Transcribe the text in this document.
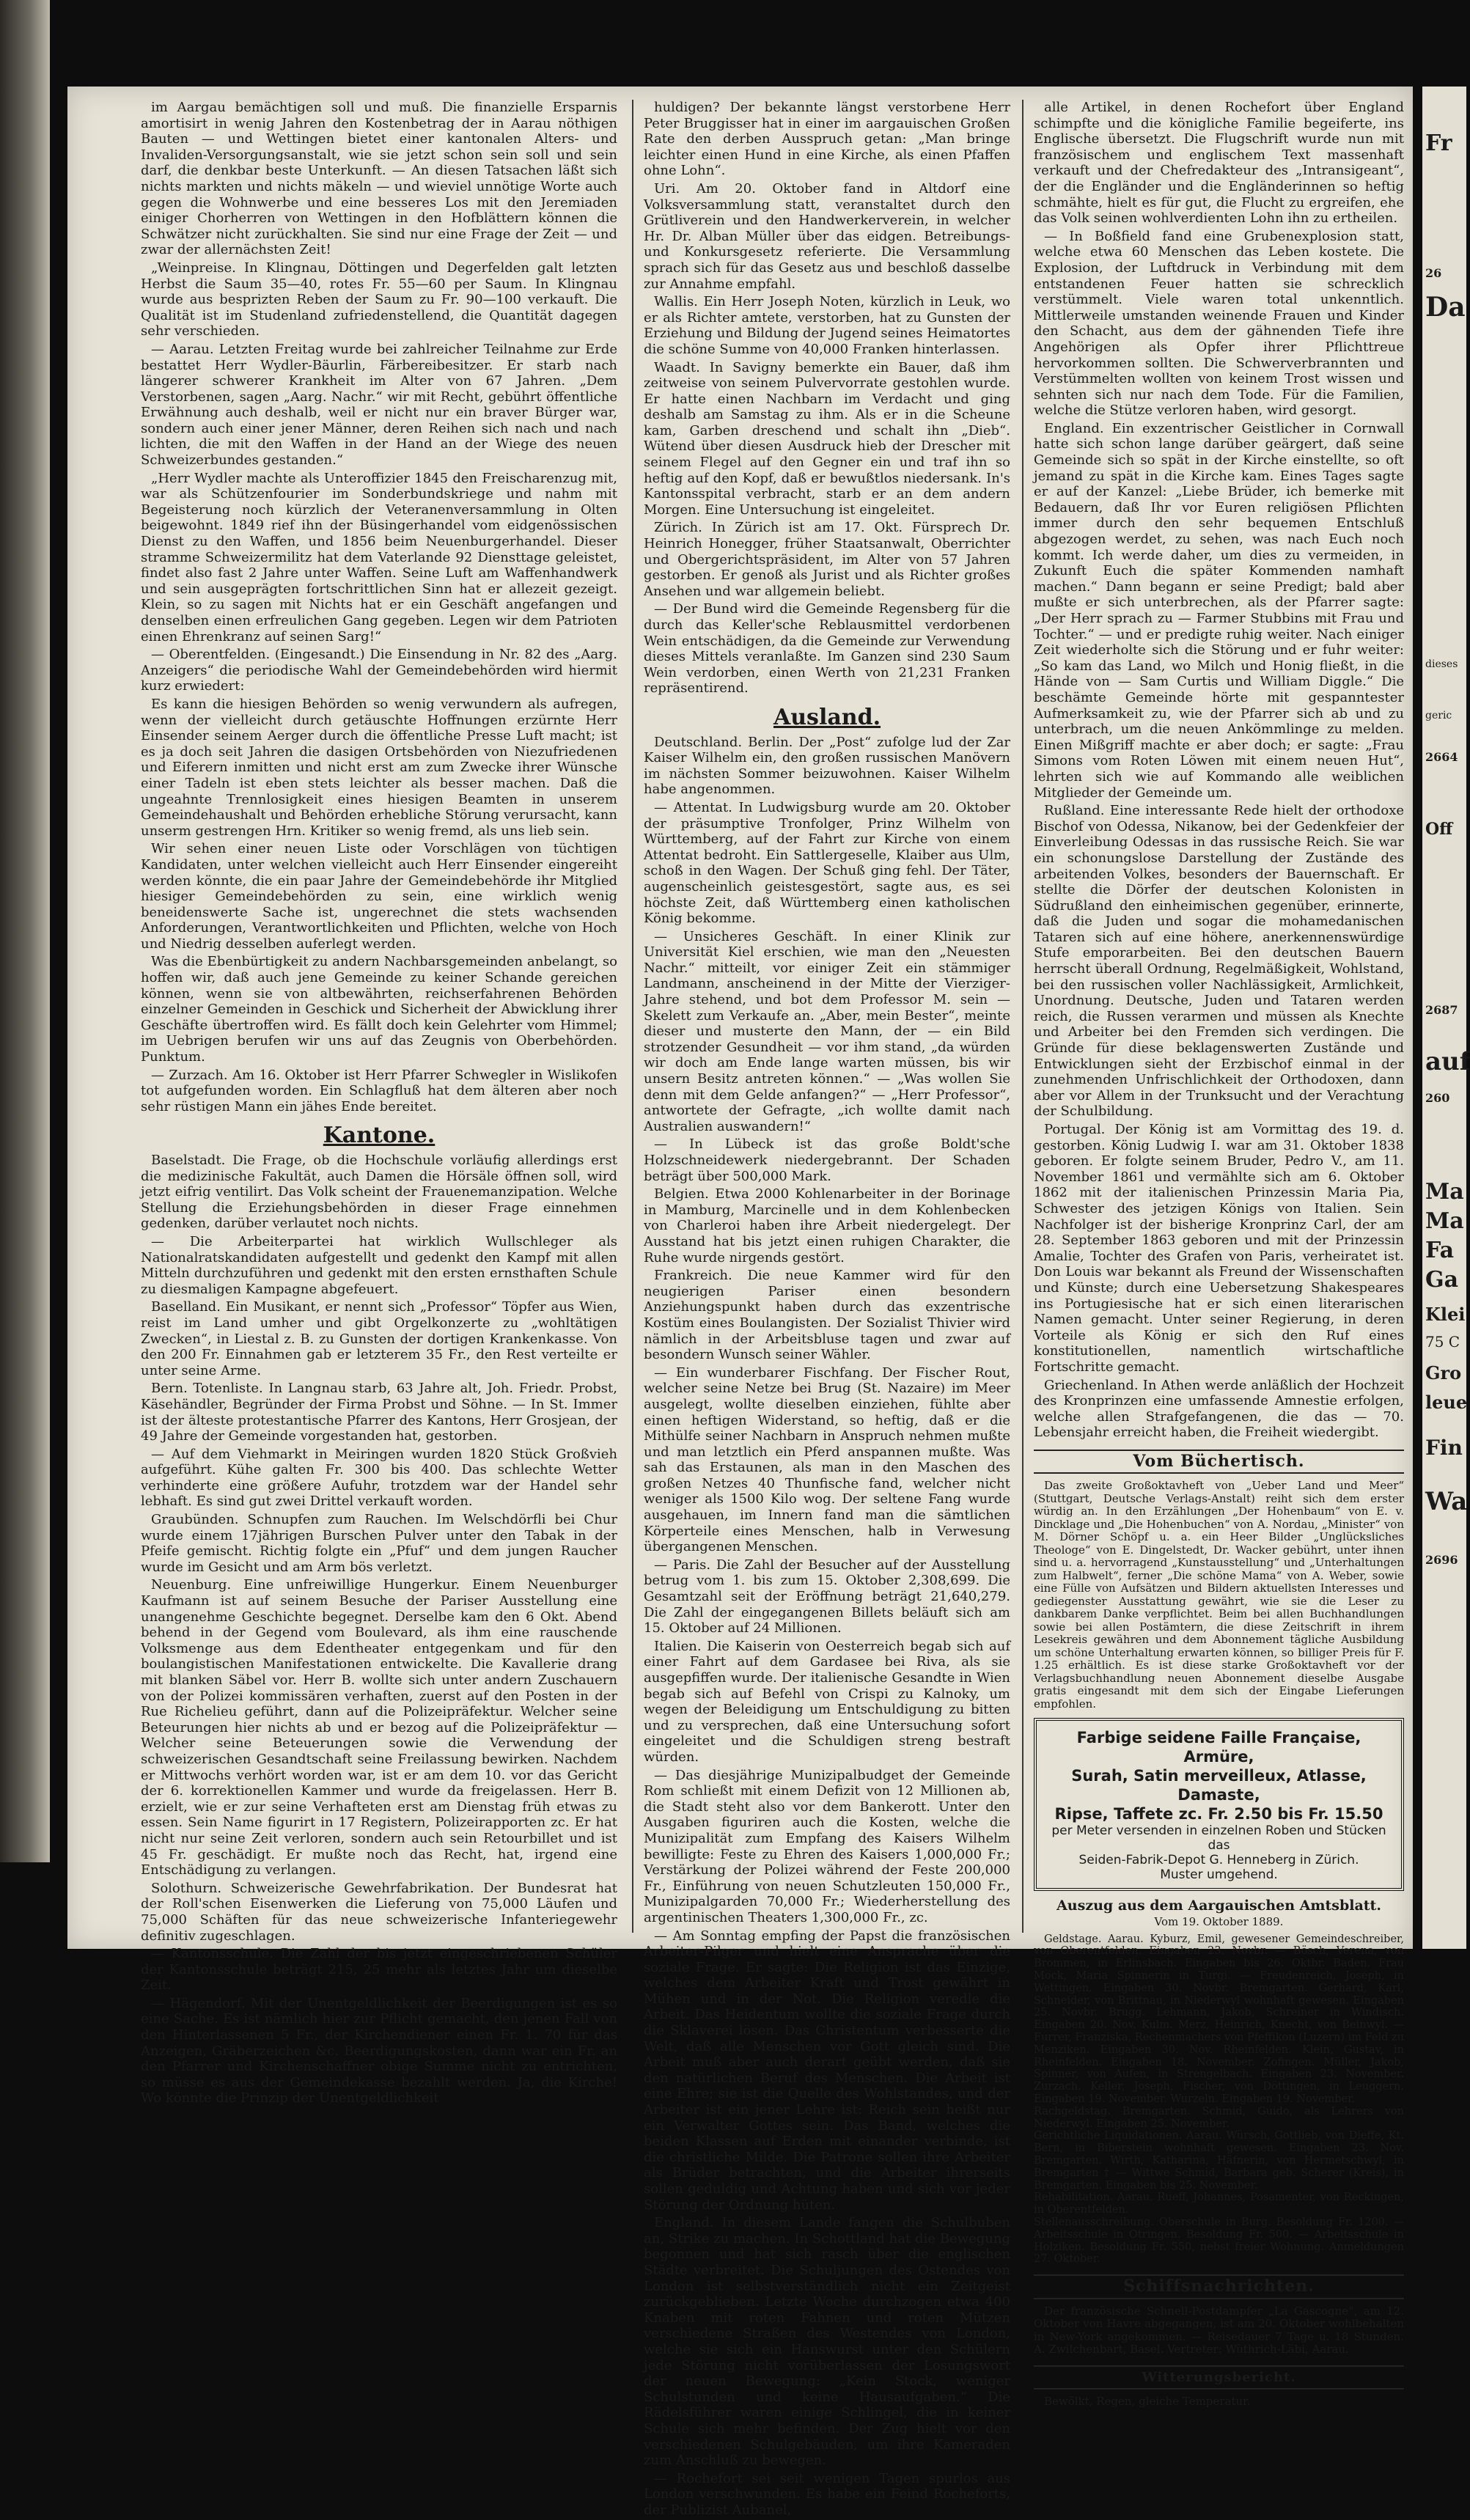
im Aargau bemächtigen soll und muß. Die finanzielle Ersparnis amortisirt in wenig Jahren den Kostenbetrag der in Aarau nöthigen Bauten — und Wettingen bietet einer kantonalen Alters- und Invaliden-Versorgungsanstalt, wie sie jetzt schon sein soll und sein darf, die denkbar beste Unterkunft. — An diesen Tatsachen läßt sich nichts markten und nichts mäkeln — und wieviel unnötige Worte auch gegen die Wohnwerbe und eine besseres Los mit den Jeremiaden einiger Chorherren von Wettingen in den Hofblättern können die Schwätzer nicht zurückhalten. Sie sind nur eine Frage der Zeit — und zwar der allernächsten Zeit!

„Weinpreise. In Klingnau, Döttingen und Degerfelden galt letzten Herbst die Saum 35—40, rotes Fr. 55—60 per Saum. In Klingnau wurde aus besprizten Reben der Saum zu Fr. 90—100 verkauft. Die Qualität ist im Studenland zufriedenstellend, die Quantität dagegen sehr verschieden.

— Aarau. Letzten Freitag wurde bei zahlreicher Teilnahme zur Erde bestattet Herr Wydler-Bäurlin, Färbereibesitzer. Er starb nach längerer schwerer Krankheit im Alter von 67 Jahren. „Dem Verstorbenen, sagen „Aarg. Nachr.“ wir mit Recht, gebührt öffentliche Erwähnung auch deshalb, weil er nicht nur ein braver Bürger war, sondern auch einer jener Männer, deren Reihen sich nach und nach lichten, die mit den Waffen in der Hand an der Wiege des neuen Schweizerbundes gestanden.“

„Herr Wydler machte als Unteroffizier 1845 den Freischarenzug mit, war als Schützenfourier im Sonderbundskriege und nahm mit Begeisterung noch kürzlich der Veteranenversammlung in Olten beigewohnt. 1849 rief ihn der Büsingerhandel vom eidgenössischen Dienst zu den Waffen, und 1856 beim Neuenburgerhandel. Dieser stramme Schweizermilitz hat dem Vaterlande 92 Diensttage geleistet, findet also fast 2 Jahre unter Waffen. Seine Luft am Waffenhandwerk und sein ausgeprägten fortschrittlichen Sinn hat er allezeit gezeigt. Klein, so zu sagen mit Nichts hat er ein Geschäft angefangen und denselben einen erfreulichen Gang gegeben. Legen wir dem Patrioten einen Ehrenkranz auf seinen Sarg!“

— Oberentfelden. (Eingesandt.) Die Einsendung in Nr. 82 des „Aarg. Anzeigers“ die periodische Wahl der Gemeindebehörden wird hiermit kurz erwiedert:

Es kann die hiesigen Behörden so wenig verwundern als aufregen, wenn der vielleicht durch getäuschte Hoffnungen erzürnte Herr Einsender seinem Aerger durch die öffentliche Presse Luft macht; ist es ja doch seit Jahren die dasigen Ortsbehörden von Niezufriedenen und Eiferern inmitten und nicht erst am zum Zwecke ihrer Wünsche einer Tadeln ist eben stets leichter als besser machen. Daß die ungeahnte Trennlosigkeit eines hiesigen Beamten in unserem Gemeindehaushalt und Behörden erhebliche Störung verursacht, kann unserm gestrengen Hrn. Kritiker so wenig fremd, als uns lieb sein.

Wir sehen einer neuen Liste oder Vorschlägen von tüchtigen Kandidaten, unter welchen vielleicht auch Herr Einsender eingereiht werden könnte, die ein paar Jahre der Gemeindebehörde ihr Mitglied hiesiger Gemeindebehörden zu sein, eine wirklich wenig beneidenswerte Sache ist, ungerechnet die stets wachsenden Anforderungen, Verantwortlichkeiten und Pflichten, welche von Hoch und Niedrig desselben auferlegt werden.

Was die Ebenbürtigkeit zu andern Nachbarsgemeinden anbelangt, so hoffen wir, daß auch jene Gemeinde zu keiner Schande gereichen können, wenn sie von altbewährten, reichserfahrenen Behörden einzelner Gemeinden in Geschick und Sicherheit der Abwicklung ihrer Geschäfte übertroffen wird. Es fällt doch kein Gelehrter vom Himmel; im Uebrigen berufen wir uns auf das Zeugnis von Oberbehörden. Punktum.

— Zurzach. Am 16. Oktober ist Herr Pfarrer Schwegler in Wislikofen tot aufgefunden worden. Ein Schlagfluß hat dem älteren aber noch sehr rüstigen Mann ein jähes Ende bereitet.

Kantone.

Baselstadt. Die Frage, ob die Hochschule vorläufig allerdings erst die medizinische Fakultät, auch Damen die Hörsäle öffnen soll, wird jetzt eifrig ventilirt. Das Volk scheint der Frauenemanzipation. Welche Stellung die Erziehungsbehörden in dieser Frage einnehmen gedenken, darüber verlautet noch nichts.

— Die Arbeiterpartei hat wirklich Wullschleger als Nationalratskandidaten aufgestellt und gedenkt den Kampf mit allen Mitteln durchzuführen und gedenkt mit den ersten ernsthaften Schule zu diesmaligen Kampagne abgefeuert.

Baselland. Ein Musikant, er nennt sich „Professor“ Töpfer aus Wien, reist im Land umher und gibt Orgelkonzerte zu „wohltätigen Zwecken“, in Liestal z. B. zu Gunsten der dortigen Krankenkasse. Von den 200 Fr. Einnahmen gab er letzterem 35 Fr., den Rest verteilte er unter seine Arme.

Bern. Totenliste. In Langnau starb, 63 Jahre alt, Joh. Friedr. Probst, Käsehändler, Begründer der Firma Probst und Söhne. — In St. Immer ist der älteste protestantische Pfarrer des Kantons, Herr Grosjean, der 49 Jahre der Gemeinde vorgestanden hat, gestorben.

— Auf dem Viehmarkt in Meiringen wurden 1820 Stück Großvieh aufgeführt. Kühe galten Fr. 300 bis 400. Das schlechte Wetter verhinderte eine größere Aufuhr, trotzdem war der Handel sehr lebhaft. Es sind gut zwei Drittel verkauft worden.

Graubünden. Schnupfen zum Rauchen. Im Welschdörfli bei Chur wurde einem 17jährigen Burschen Pulver unter den Tabak in der Pfeife gemischt. Richtig folgte ein „Pfuf“ und dem jungen Raucher wurde im Gesicht und am Arm bös verletzt.

Neuenburg. Eine unfreiwillige Hungerkur. Einem Neuenburger Kaufmann ist auf seinem Besuche der Pariser Ausstellung eine unangenehme Geschichte begegnet. Derselbe kam den 6 Okt. Abend behend in der Gegend vom Boulevard, als ihm eine rauschende Volksmenge aus dem Edentheater entgegenkam und für den boulangistischen Manifestationen entwickelte. Die Kavallerie drang mit blanken Säbel vor. Herr B. wollte sich unter andern Zuschauern von der Polizei kommissären verhaften, zuerst auf den Posten in der Rue Richelieu geführt, dann auf die Polizeipräfektur. Welcher seine Beteurungen hier nichts ab und er bezog auf die Polizeipräfektur — Welcher seine Beteuerungen sowie die Verwendung der schweizerischen Gesandtschaft seine Freilassung bewirken. Nachdem er Mittwochs verhört worden war, ist er am dem 10. vor das Gericht der 6. korrektionellen Kammer und wurde da freigelassen. Herr B. erzielt, wie er zur seine Verhafteten erst am Dienstag früh etwas zu essen. Sein Name figurirt in 17 Registern, Polizeirapporten zc. Er hat nicht nur seine Zeit verloren, sondern auch sein Retourbillet und ist 45 Fr. geschädigt. Er mußte noch das Recht, hat, irgend eine Entschädigung zu verlangen.

Solothurn. Schweizerische Gewehrfabrikation. Der Bundesrat hat der Roll'schen Eisenwerken die Lieferung von 75,000 Läufen und 75,000 Schäften für das neue schweizerische Infanteriegewehr definitiv zugeschlagen.

— Kantonsschule. Die Zahl der bis jetzt eingeschriebenen Schüler der Kantonsschule beträgt 215, 25 mehr als letztes Jahr um dieselbe Zeit.

— Hägendorf. Mit der Unentgeldlichkeit der Beerdigungen ist es so eine Sache. Es ist nämlich hier zur Pflicht gemacht, den jenen Fall von den Hinterlassenen 5 Fr., der Kirchendiener einen Fr. 1. 70 für das Anzeigen, Gräberzeichen &c. Beerdigungskosten, dann war ein Fr. an den Pfarrer und Kirchenschaffner obige Summe nicht zu entrichten, so müsse es aus der Gemeindekasse bezahlt werden. Ja, die Kirche! Wo könnte die Prinzip der Unentgeldlichkeit

huldigen? Der bekannte längst verstorbene Herr Peter Bruggisser hat in einer im aargauischen Großen Rate den derben Ausspruch getan: „Man bringe leichter einen Hund in eine Kirche, als einen Pfaffen ohne Lohn“.

Uri. Am 20. Oktober fand in Altdorf eine Volksversammlung statt, veranstaltet durch den Grütliverein und den Handwerkerverein, in welcher Hr. Dr. Alban Müller über das eidgen. Betreibungs- und Konkursgesetz referierte. Die Versammlung sprach sich für das Gesetz aus und beschloß dasselbe zur Annahme empfahl.

Wallis. Ein Herr Joseph Noten, kürzlich in Leuk, wo er als Richter amtete, verstorben, hat zu Gunsten der Erziehung und Bildung der Jugend seines Heimatortes die schöne Summe von 40,000 Franken hinterlassen.

Waadt. In Savigny bemerkte ein Bauer, daß ihm zeitweise von seinem Pulvervorrate gestohlen wurde. Er hatte einen Nachbarn im Verdacht und ging deshalb am Samstag zu ihm. Als er in die Scheune kam, Garben dreschend und schalt ihn „Dieb“. Wütend über diesen Ausdruck hieb der Drescher mit seinem Flegel auf den Gegner ein und traf ihn so heftig auf den Kopf, daß er bewußtlos niedersank. In's Kantonsspital verbracht, starb er an dem andern Morgen. Eine Untersuchung ist eingeleitet.

Zürich. In Zürich ist am 17. Okt. Fürsprech Dr. Heinrich Honegger, früher Staatsanwalt, Oberrichter und Obergerichtspräsident, im Alter von 57 Jahren gestorben. Er genoß als Jurist und als Richter großes Ansehen und war allgemein beliebt.

— Der Bund wird die Gemeinde Regensberg für die durch das Keller'sche Reblausmittel verdorbenen Wein entschädigen, da die Gemeinde zur Verwendung dieses Mittels veranlaßte. Im Ganzen sind 230 Saum Wein verdorben, einen Werth von 21,231 Franken repräsentirend.

Ausland.

Deutschland. Berlin. Der „Post“ zufolge lud der Zar Kaiser Wilhelm ein, den großen russischen Manövern im nächsten Sommer beizuwohnen. Kaiser Wilhelm habe angenommen.

— Attentat. In Ludwigsburg wurde am 20. Oktober der präsumptive Tronfolger, Prinz Wilhelm von Württemberg, auf der Fahrt zur Kirche von einem Attentat bedroht. Ein Sattlergeselle, Klaiber aus Ulm, schoß in den Wagen. Der Schuß ging fehl. Der Täter, augenscheinlich geistesgestört, sagte aus, es sei höchste Zeit, daß Württemberg einen katholischen König bekomme.

— Unsicheres Geschäft. In einer Klinik zur Universität Kiel erschien, wie man den „Neuesten Nachr.“ mitteilt, vor einiger Zeit ein stämmiger Landmann, anscheinend in der Mitte der Vierziger-Jahre stehend, und bot dem Professor M. sein — Skelett zum Verkaufe an. „Aber, mein Bester“, meinte dieser und musterte den Mann, der — ein Bild strotzender Gesundheit — vor ihm stand, „da würden wir doch am Ende lange warten müssen, bis wir unsern Besitz antreten können.“ — „Was wollen Sie denn mit dem Gelde anfangen?“ — „Herr Professor“, antwortete der Gefragte, „ich wollte damit nach Australien auswandern!“

— In Lübeck ist das große Boldt'sche Holzschneidewerk niedergebrannt. Der Schaden beträgt über 500,000 Mark.

Belgien. Etwa 2000 Kohlenarbeiter in der Borinage in Mamburg, Marcinelle und in dem Kohlenbecken von Charleroi haben ihre Arbeit niedergelegt. Der Ausstand hat bis jetzt einen ruhigen Charakter, die Ruhe wurde nirgends gestört.

Frankreich. Die neue Kammer wird für den neugierigen Pariser einen besondern Anziehungspunkt haben durch das exzentrische Kostüm eines Boulangisten. Der Sozialist Thivier wird nämlich in der Arbeitsbluse tagen und zwar auf besondern Wunsch seiner Wähler.

— Ein wunderbarer Fischfang. Der Fischer Rout, welcher seine Netze bei Brug (St. Nazaire) im Meer ausgelegt, wollte dieselben einziehen, fühlte aber einen heftigen Widerstand, so heftig, daß er die Mithülfe seiner Nachbarn in Anspruch nehmen mußte und man letztlich ein Pferd anspannen mußte. Was sah das Erstaunen, als man in den Maschen des großen Netzes 40 Thunfische fand, welcher nicht weniger als 1500 Kilo wog. Der seltene Fang wurde ausgehauen, im Innern fand man die sämtlichen Körperteile eines Menschen, halb in Verwesung übergangenen Menschen.

— Paris. Die Zahl der Besucher auf der Ausstellung betrug vom 1. bis zum 15. Oktober 2,308,699. Die Gesamtzahl seit der Eröffnung beträgt 21,640,279. Die Zahl der eingegangenen Billets beläuft sich am 15. Oktober auf 24 Millionen.

Italien. Die Kaiserin von Oesterreich begab sich auf einer Fahrt auf dem Gardasee bei Riva, als sie ausgepfiffen wurde. Der italienische Gesandte in Wien begab sich auf Befehl von Crispi zu Kalnoky, um wegen der Beleidigung um Entschuldigung zu bitten und zu versprechen, daß eine Untersuchung sofort eingeleitet und die Schuldigen streng bestraft würden.

— Das diesjährige Munizipalbudget der Gemeinde Rom schließt mit einem Defizit von 12 Millionen ab, die Stadt steht also vor dem Bankerott. Unter den Ausgaben figuriren auch die Kosten, welche die Munizipalität zum Empfang des Kaisers Wilhelm bewilligte: Feste zu Ehren des Kaisers 1,000,000 Fr.; Verstärkung der Polizei während der Feste 200,000 Fr., Einführung von neuen Schutzleuten 150,000 Fr., Munizipalgarden 70,000 Fr.; Wiederherstellung des argentinischen Theaters 1,300,000 Fr., zc.

— Am Sonntag empfing der Papst die französischen Arbeiter-Pilger und hielt eine Ansprache über die soziale Frage. Er sagte: Die Religion ist das Einzige, welches dem Arbeiter Kraft und Trost gewährt in Mühen und in der Not. Die Religion veredle die Arbeit. Das Heidentum wollte die soziale Frage durch die Sklaverei lösen. Das Christentum verbesserte die Welt, daß alle Menschen vor Gott gleich sind. Die Arbeit muß aber auch derart geübt werden, daß sie den natürlichen Beruf des Menschen. Die Arbeit ist eine Ehre; sie ist die Quelle des Wohlstandes, und der Arbeiter ist ein jener Lehre ist: Reich sein heißt nur ein Verwalter Gottes sein. Das Band, welches die beiden Klassen auf Erden mit einander verbinde, ist die christliche Milde. Die Patrone sollen ihre Arbeiter als Brüder betrachten, und die Arbeiter ihrerseits sollen geduldig und Achtung haben und sich vor jeder Störung der Ordnung hüten.

England. In diesem Lande fangen die Schulbuben an, Strike zu machen. In Schottland hat die Bewegung begonnen und hat sich rasch über die englischen Städte verbreitet. Die Schuljungen des Ostendes von London ist selbstverständlich nicht ein Zeitgeist zurückgeblieben. Letzte Woche durchzogen etwa 400 Knaben mit roten Fahnen und roten Mützen verschiedene Straßen des Westendes von London, welche sie sich ein Hanswurst unter den Schülern jede Störung nicht vorüberlassen der Losungswort der neuen Bewegung: „Kein Stock, weniger Schulstunden und keine Hausaufgaben.“ Die Rädelsführer waren einige Schlingel, die in keiner Schule sich mehr befinden. Der Zug hielt vor den verschiedenen Schulgebäuden, um ihre Kameraden zum Anschluß zu bewegen.

— Rochefort sei seit wenigen Tagen spurlos aus London verschwunden. Es habe ein Feind Rocheforts, der Publizist Aubanel,

alle Artikel, in denen Rochefort über England schimpfte und die königliche Familie begeiferte, ins Englische übersetzt. Die Flugschrift wurde nun mit französischem und englischem Text massenhaft verkauft und der Chefredakteur des „Intransigeant“, der die Engländer und die Engländerinnen so heftig schmähte, hielt es für gut, die Flucht zu ergreifen, ehe das Volk seinen wohlverdienten Lohn ihn zu ertheilen.

— In Boßfield fand eine Grubenexplosion statt, welche etwa 60 Menschen das Leben kostete. Die Explosion, der Luftdruck in Verbindung mit dem entstandenen Feuer hatten sie schrecklich verstümmelt. Viele waren total unkenntlich. Mittlerweile umstanden weinende Frauen und Kinder den Schacht, aus dem der gähnenden Tiefe ihre Angehörigen als Opfer ihrer Pflichttreue hervorkommen sollten. Die Schwerverbrannten und Verstümmelten wollten von keinem Trost wissen und sehnten sich nur nach dem Tode. Für die Familien, welche die Stütze verloren haben, wird gesorgt.

England. Ein exzentrischer Geistlicher in Cornwall hatte sich schon lange darüber geärgert, daß seine Gemeinde sich so spät in der Kirche einstellte, so oft jemand zu spät in die Kirche kam. Eines Tages sagte er auf der Kanzel: „Liebe Brüder, ich bemerke mit Bedauern, daß Ihr vor Euren religiösen Pflichten immer durch den sehr bequemen Entschluß abgezogen werdet, zu sehen, was nach Euch noch kommt. Ich werde daher, um dies zu vermeiden, in Zukunft Euch die später Kommenden namhaft machen.“ Dann begann er seine Predigt; bald aber mußte er sich unterbrechen, als der Pfarrer sagte: „Der Herr sprach zu — Farmer Stubbins mit Frau und Tochter.“ — und er predigte ruhig weiter. Nach einiger Zeit wiederholte sich die Störung und er fuhr weiter: „So kam das Land, wo Milch und Honig fließt, in die Hände von — Sam Curtis und William Diggle.“ Die beschämte Gemeinde hörte mit gespanntester Aufmerksamkeit zu, wie der Pfarrer sich ab und zu unterbrach, um die neuen Ankömmlinge zu melden. Einen Mißgriff machte er aber doch; er sagte: „Frau Simons vom Roten Löwen mit einem neuen Hut“, lehrten sich wie auf Kommando alle weiblichen Mitglieder der Gemeinde um.

Rußland. Eine interessante Rede hielt der orthodoxe Bischof von Odessa, Nikanow, bei der Gedenkfeier der Einverleibung Odessas in das russische Reich. Sie war ein schonungslose Darstellung der Zustände des arbeitenden Volkes, besonders der Bauernschaft. Er stellte die Dörfer der deutschen Kolonisten in Südrußland den einheimischen gegenüber, erinnerte, daß die Juden und sogar die mohamedanischen Tataren sich auf eine höhere, anerkennenswürdige Stufe emporarbeiten. Bei den deutschen Bauern herrscht überall Ordnung, Regelmäßigkeit, Wohlstand, bei den russischen voller Nachlässigkeit, Armlichkeit, Unordnung. Deutsche, Juden und Tataren werden reich, die Russen verarmen und müssen als Knechte und Arbeiter bei den Fremden sich verdingen. Die Gründe für diese beklagenswerten Zustände und Entwicklungen sieht der Erzbischof einmal in der zunehmenden Unfrischlichkeit der Orthodoxen, dann aber vor Allem in der Trunksucht und der Verachtung der Schulbildung.

Portugal. Der König ist am Vormittag des 19. d. gestorben. König Ludwig I. war am 31. Oktober 1838 geboren. Er folgte seinem Bruder, Pedro V., am 11. November 1861 und vermählte sich am 6. Oktober 1862 mit der italienischen Prinzessin Maria Pia, Schwester des jetzigen Königs von Italien. Sein Nachfolger ist der bisherige Kronprinz Carl, der am 28. September 1863 geboren und mit der Prinzessin Amalie, Tochter des Grafen von Paris, verheiratet ist. Don Louis war bekannt als Freund der Wissenschaften und Künste; durch eine Uebersetzung Shakespeares ins Portugiesische hat er sich einen literarischen Namen gemacht. Unter seiner Regierung, in deren Vorteile als König er sich den Ruf eines konstitutionellen, namentlich wirtschaftliche Fortschritte gemacht.

Griechenland. In Athen werde anläßlich der Hochzeit des Kronprinzen eine umfassende Amnestie erfolgen, welche allen Strafgefangenen, die das — 70. Lebensjahr erreicht haben, die Freiheit wiedergibt.

Vom Büchertisch.

Das zweite Großoktavheft von „Ueber Land und Meer“ (Stuttgart, Deutsche Verlags-Anstalt) reiht sich dem erster würdig an. In den Erzählungen „Der Hohenbaum“ von E. v. Dincklage und „Die Hohenbuchen“ von A. Nordau, „Minister“ von M. Dörner Schöpf u. a. ein Heer Bilder „Unglücksliches Theologe“ von E. Dingelstedt, Dr. Wacker gebührt, unter ihnen sind u. a. hervorragend „Kunstausstellung“ und „Unterhaltungen zum Halbwelt“, ferner „Die schöne Mama“ von A. Weber, sowie eine Fülle von Aufsätzen und Bildern aktuellsten Interesses und gediegenster Ausstattung gewährt, wie sie die Leser zu dankbarem Danke verpflichtet. Beim bei allen Buchhandlungen sowie bei allen Postämtern, die diese Zeitschrift in ihrem Lesekreis gewähren und dem Abonnement tägliche Ausbildung um schöne Unterhaltung erwarten können, so billiger Preis für F. 1.25 erhältlich. Es ist diese starke Großoktavheft vor der Verlagsbuchhandlung neuen Abonnement dieselbe Ausgabe gratis eingesandt mit dem sich der Eingabe Lieferungen empfohlen.

Farbige seidene Faille Française, Armüre,
Surah, Satin merveilleux, Atlasse, Damaste,
Ripse, Taffete zc. Fr. 2.50 bis Fr. 15.50
per Meter versenden in einzelnen Roben und Stücken das
Seiden-Fabrik-Depot G. Henneberg in Zürich.
Muster umgehend.

Auszug aus dem Aargauischen Amtsblatt.

Vom 19. Oktober 1889.

Geldstage. Aarau. Kyburz, Emil, gewesener Gemeindeschreiber, von Oberentfelden. Eingaben 23. Novbr. — Bösch, Verena, von Brommen, in Erlinsbach. Eingaben bis 26. Oktbr. Baden. Frau Mock, Maria Spinnerin in Turgi. — Freudenreich, Joseph, in Wettingen. Eingaben 30. Novbr. Bremgarten. Gerhard, Karl, Schneider, von Brittnau, in Niederwyl wohnhaft gewesen. Eingaben 25. Novbr. Brugg. Lehmann, Jakob, Schreiner in Windisch. Eingaben 20. Nov. Kulm. Merz, Heinrich, Knecht, von Beinwyl. — Furrer, Franziska, Rechenmachers von Pfeffikon (Luzern) im Feld zu Menziken. Eingaben 30. Nov. Rheinfelden. Klein, Gustav, in Rheinfelden. Eingaben 18. November. Zofingen. Müller, Jakob, Spinner, von Aufen, in Strengelbach. Eingaben 23. November. Zurzach. Keller, Joseph, Fischer, von Döttingen, in Leuggern. Eingaben 19. November. Wurzeln. Eingaben 19. November.
Rachgeldstag. Bremgarten. Schmid, Guido, als Lehrers von Niederwyl. Eingaben 25. November.
Gerichtliche Liquidationen. Aarau. Würsch, Gottlieb, von Dieffe, Kt. Bern, in Biberstein wohnhaft gewesen. Eingaben 23. Nov. Bremgarten. Wirth, Katharina, Häfnerin, von Hermetschwyl, in Bremgarten † — Wittwe Schmid, Barbara geb. Scherer (Kreis), in Bremgarten. Eingaben bis 25. November.
Rehabilitation. Aarau. Rueff, Johannes, Posamenter, von Reckingen, in Oberentfelden.
Stellenausschreibung. Oberschule in Burg. Besoldung Fr. 1200. — Arbeitsschule in Otringen. Besoldung Fr. 500. — Arbeitsschule in Holziken. Besoldung Fr. 550, nebst freier Wohnung. Anmeldungen 27. Oktober.

Schiffsnachrichten.

Der französische Schnell-Postdampfer „La Gascogne“, am 12. Oktober von Havre abgegangen, ist am 20. Oktober wohlbehalten in New-York angekommen. — Reisedauer 7 Tage u. 18 Stunden. A. Zwilchenbart, Basel. Vertreter: Wüthrich-Läbi, Aarau.

Witterungsbericht.

Bewölkt, Regen, gleiche Temperatur.

Fr
26
Da
dieses
geric
2664
Off
2687
auf
260
Ma
Ma
Fa
Ga
Klei
75 C
Gro
leue
Fin
Wa
2696
